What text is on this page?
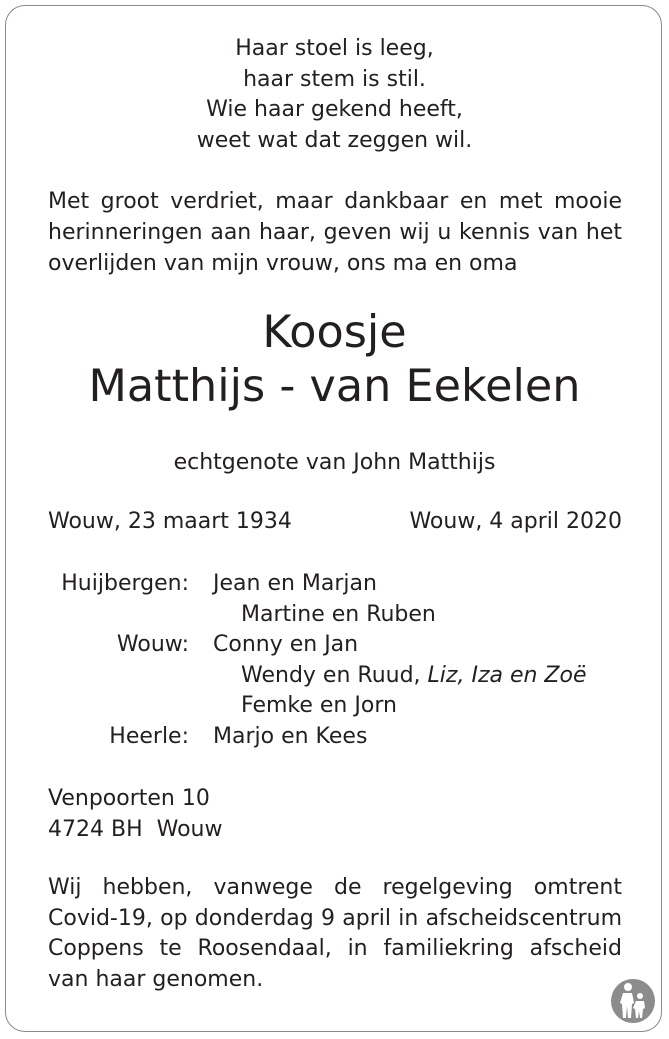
Haar stoel is leeg,
haar stem is stil.
Wie haar gekend heeft,
weet wat dat zeggen wil.
Met groot verdriet, maar dankbaar en met mooie herinneringen aan haar, geven wij u kennis van het overlijden van mijn vrouw, ons ma en oma
Koosje
Matthijs - van Eekelen
echtgenote van John Matthijs
Wouw, 23 maart 1934	Wouw, 4 april 2020
Huijbergen: Jean en Marjan
Martine en Ruben
Wouw: Conny en Jan
Wendy en Ruud, Liz, Iza en Zoë
Femke en Jorn
Heerle: Marjo en Kees
Venpoorten 10
4724 BH  Wouw
Wij hebben, vanwege de regelgeving omtrent Covid-19, op donderdag 9 april in afscheidscentrum Coppens te Roosendaal, in familiekring afscheid van haar genomen.
